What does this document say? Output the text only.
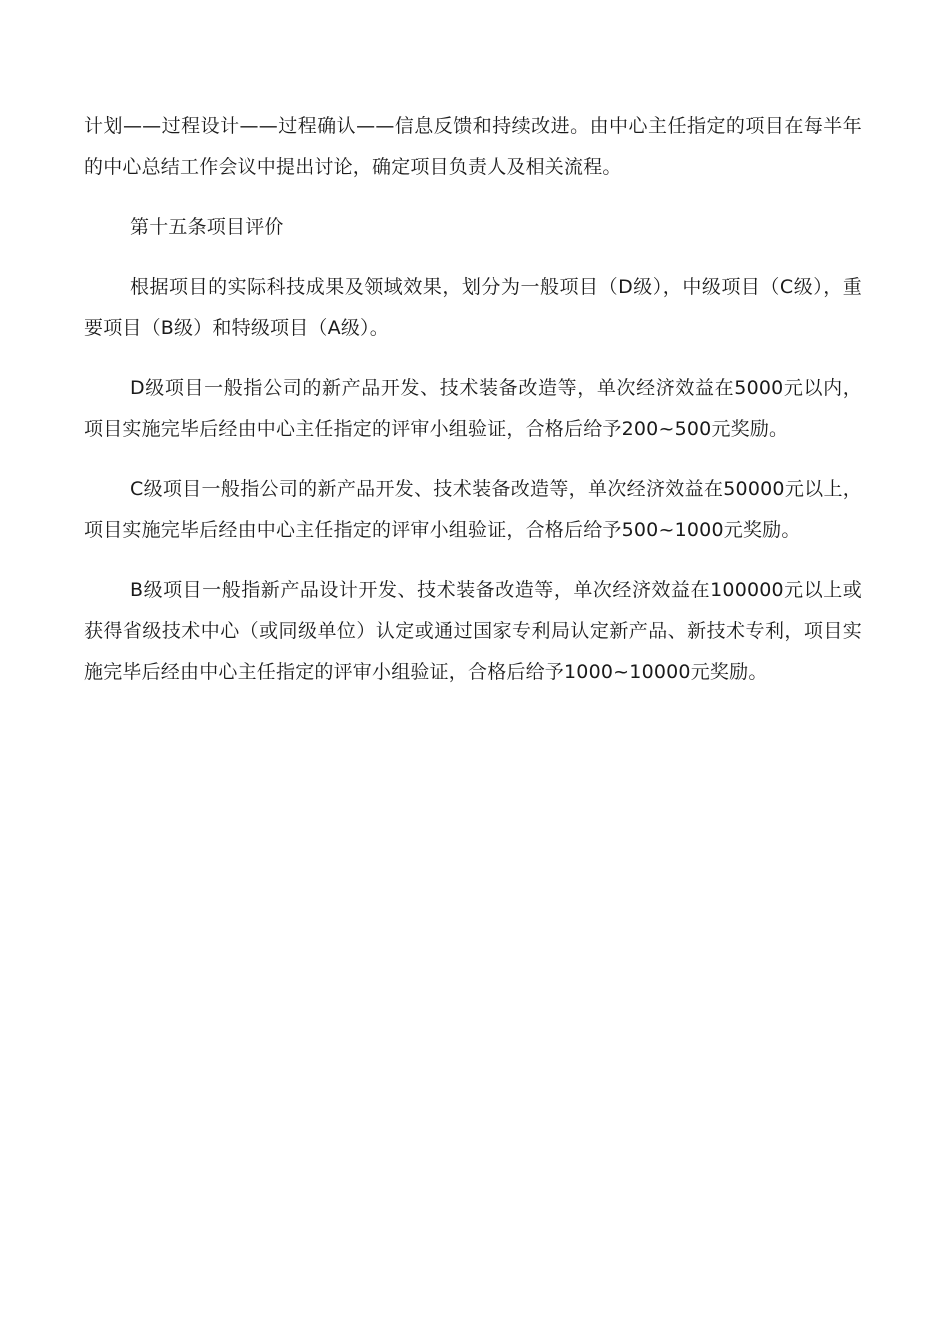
计划——过程设计——过程确认——信息反馈和持续改进。由中心主任指定的项目在每半年的中心总结工作会议中提出讨论，确定项目负责人及相关流程。

第十五条项目评价

根据项目的实际科技成果及领域效果，划分为一般项目（D级），中级项目（C级），重要项目（B级）和特级项目（A级）。

D级项目一般指公司的新产品开发、技术装备改造等，单次经济效益在5000元以内，项目实施完毕后经由中心主任指定的评审小组验证，合格后给予200~500元奖励。

C级项目一般指公司的新产品开发、技术装备改造等，单次经济效益在50000元以上，项目实施完毕后经由中心主任指定的评审小组验证，合格后给予500~1000元奖励。

B级项目一般指新产品设计开发、技术装备改造等，单次经济效益在100000元以上或获得省级技术中心（或同级单位）认定或通过国家专利局认定新产品、新技术专利，项目实施完毕后经由中心主任指定的评审小组验证，合格后给予1000~10000元奖励。
